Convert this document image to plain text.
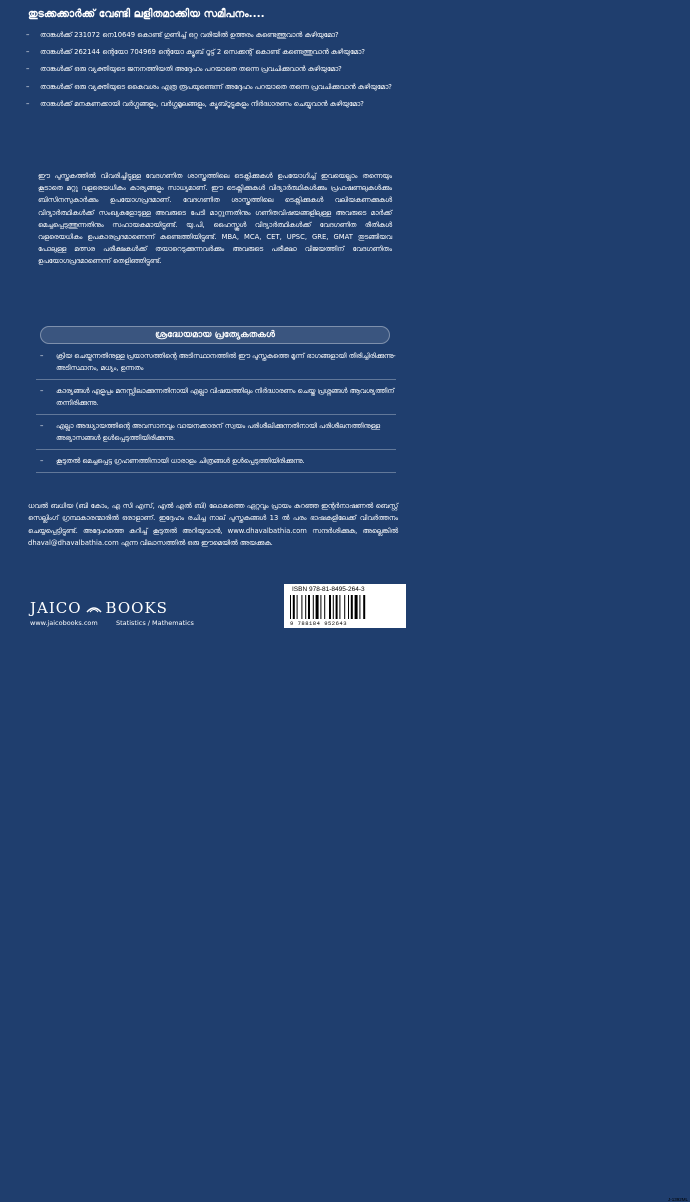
തുടക്കക്കാർക്ക് വേണ്ടി ലളിതമാക്കിയ സമീപനം....
– താങ്കൾക്ക് 231072 നെ10649 കൊണ്ട് ഗുണിച്ച് ഒറ്റ വരിയിൽ ഉത്തരം കണ്ടെത്തുവാൻ കഴിയുമോ?
– താങ്കൾക്ക് 262144 ന്റെയോ 704969 ന്റെയോ ക്യൂബ് റൂട്ട് 2 സെക്കന്റ് കൊണ്ട് കണ്ടെത്തുവാൻ കഴിയുമോ?
– താങ്കൾക്ക് ഒരു വ്യക്തിയുടെ ജനനത്തിയതി അദ്ദേഹം പറയാതെ തന്നെ പ്രവചിക്കുവാൻ കഴിയുമോ?
– താങ്കൾക്ക് ഒരു വ്യക്തിയുടെ കൈവശം എത്ര രൂപയുണ്ടെന്ന് അദ്ദേഹം പറയാതെ തന്നെ പ്രവചിക്കുവാൻ കഴിയുമോ?
– താങ്കൾക്ക് മനകണക്കായി വർഗ്ഗങ്ങളും, വർഗ്ഗമൂലങ്ങളും, ക്യൂബ്റൂട്ടുകളും നിർദ്ധാരണം ചെയ്യുവാൻ കഴിയുമോ?
ഈ പുസ്തകത്തിൽ വിവരിച്ചിട്ടുള്ള വേദഗണിത ശാസ്ത്രത്തിലെ ടെക്നിക്കുകൾ ഉപയോഗിച്ച് ഇവയെല്ലാം തന്നെയും കൂടാതെ മറ്റു വളരെയധികം കാര്യങ്ങളും സാധ്യമാണ്. ഈ ടെക്നിക്കുകൾ വിദ്യാർത്ഥികൾക്കും പ്രഫഷണലുകൾക്കും ബിസിനസുകാർക്കും ഉപയോഗപ്രദമാണ്. വേദഗണിത ശാസ്ത്രത്തിലെ ടെക്നിക്കുകൾ വലിയകണക്കുകൾ വിദ്യാർത്ഥികൾക്ക് സംഖ്യകളോടുള്ള അവരുടെ പേടി മാറ്റുന്നതിനും ഗണിതവിഷയങ്ങളിലുള്ള അവരുടെ മാർക്ക് മെച്ചപ്പെടുത്തുന്നതിനും സഹായകമായിട്ടുണ്ട്. യു.പി, ഹൈസ്കൂൾ വിദ്യാർത്ഥികൾക്ക് വേദഗണിത രീതികൾ വളരെയധികം ഉപകാരപ്രദമാണെന്ന് കണ്ടെത്തിയിട്ടുണ്ട്. MBA, MCA, CET, UPSC, GRE, GMAT തുടങ്ങിയവ പോലുള്ള മത്സര പരീക്ഷകൾക്ക് തയാറെടുക്കുന്നവർക്കും അവരുടെ പരീക്ഷാ വിജയത്തിന് വേദഗണിതം ഉപയോഗപ്രദമാണെന്ന് തെളിഞ്ഞിട്ടുണ്ട്.
ശ്രദ്ധേയമായ പ്രത്യേകതകൾ
– ക്രിയ ചെയ്യുന്നതിനുള്ള പ്രയാസത്തിന്റെ അടിസ്ഥാനത്തിൽ ഈ പുസ്തകത്തെ മൂന്ന് ഭാഗങ്ങളായി തിരിച്ചിരിക്കുന്നു-അടിസ്ഥാനം, മധ്യം, ഉന്നതം
– കാര്യങ്ങൾ എളുപ്പം മനസ്സിലാക്കുന്നതിനായി എല്ലാ വിഷയത്തിലും നിർദ്ധാരണം ചെയ്ത പ്രശ്നങ്ങൾ ആവശ്യത്തിന് തന്നിരിക്കുന്നു.
– എല്ലാ അദ്ധ്യായത്തിന്റെ അവസാനവും വായനക്കാരന് സ്വയം പരിശീലിക്കുന്നതിനായി പരിശീലനത്തിനുള്ള അഭ്യാസങ്ങൾ ഉൾപ്പെടുത്തിയിരിക്കുന്നു.
– കൂടുതൽ മെച്ചപ്പെട്ട ഗ്രഹണത്തിനായി ധാരാളം ചിത്രങ്ങൾ ഉൾപ്പെടുത്തിയിരിക്കുന്നു.
ധവൽ ബധിയ (ബി കോം, എ സി എസ്, എൽ എൽ ബി) ലോകത്തെ ഏറ്റവും പ്രായം കുറഞ്ഞ ഇന്റർനാഷണൽ ബെസ്റ്റ് സെല്ലിംഗ് ഗ്രന്ഥകാരന്മാരിൽ ഒരാളാണ്. ഇദ്ദേഹം രചിച്ച നാല് പുസ്തകങ്ങൾ 13 ൽ പരം ഭാഷകളിലേക്ക് വിവർത്തനം ചെയ്യപ്പെട്ടിട്ടുണ്ട്. അദ്ദേഹത്തെ കുറിച്ച് കൂടുതൽ അറിയുവാൻ, www.dhavalbathia.com സന്ദർശിക്കുക, അല്ലെങ്കിൽ dhaval@dhavalbathia.com എന്ന വിലാസത്തിൽ ഒരു ഈമെയിൽ അയക്കുക.
JAICO BOOKS
www.jaicobooks.com	Statistics / Mathematics
ISBN 978-81-8495-264-3
9 788184 952643
J-1392ML
